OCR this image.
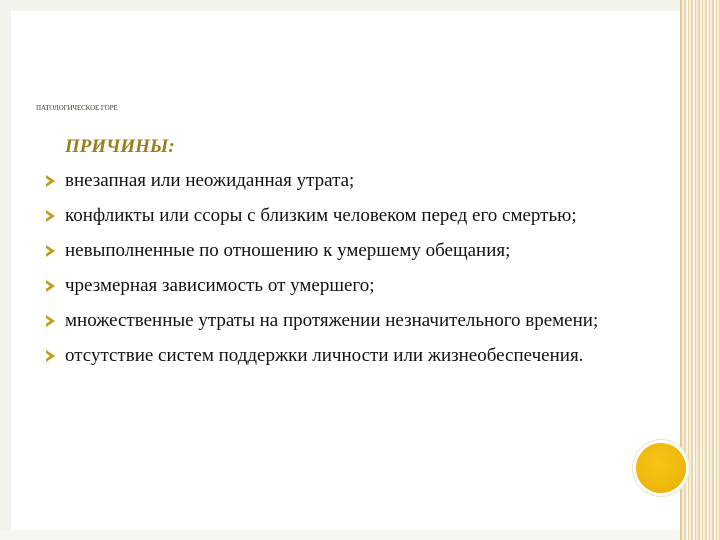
ПАТОЛОГИЧЕСКОЕ ГОРЕ
ПРИЧИНЫ:
внезапная или неожиданная утрата;
конфликты или ссоры с близким человеком перед его смертью;
невыполненные по отношению к умершему обещания;
чрезмерная зависимость от умершего;
множественные утраты на протяжении незначительного времени;
отсутствие систем поддержки личности или жизнеобеспечения.
